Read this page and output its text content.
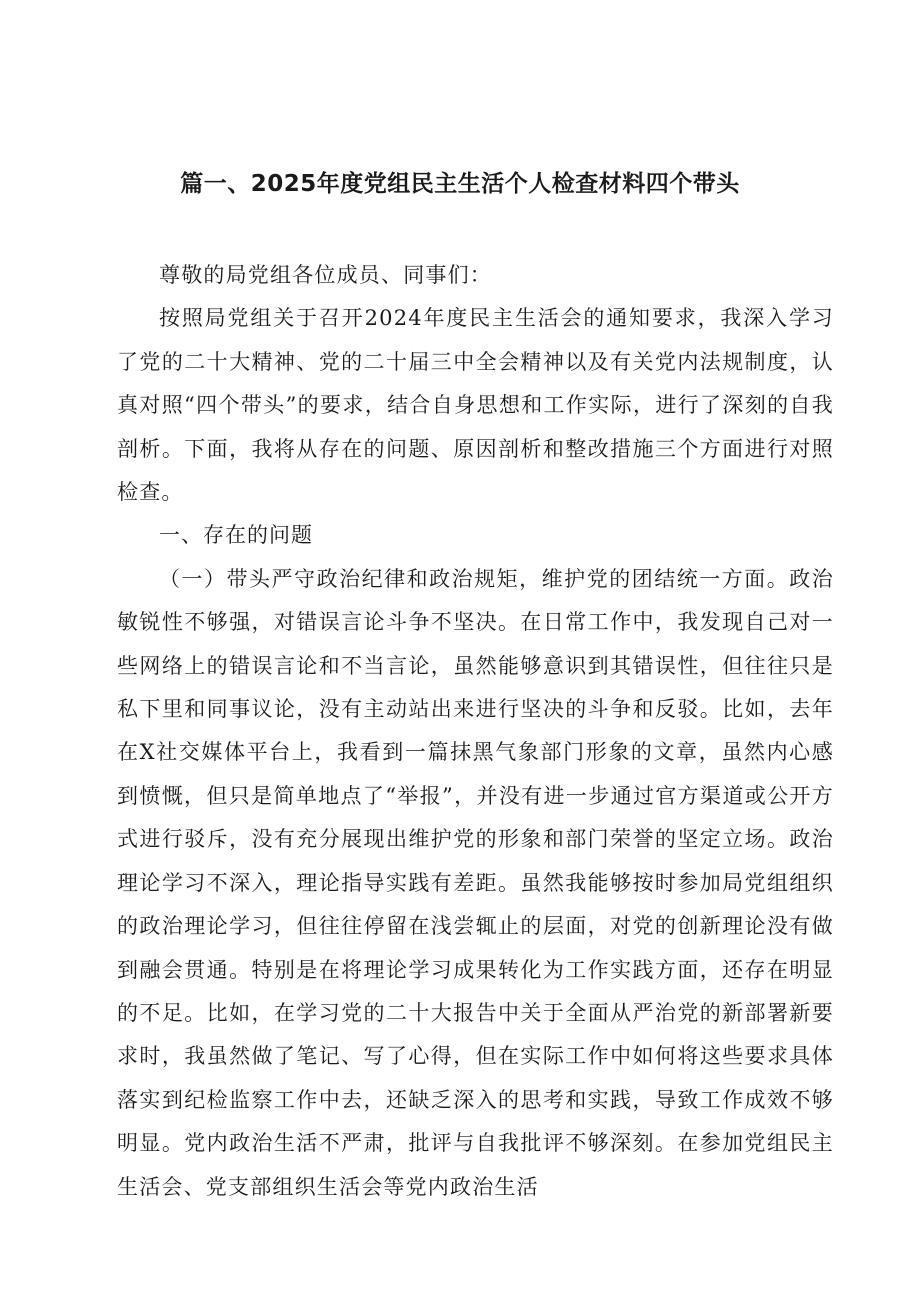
篇一、2025年度党组民主生活个人检查材料四个带头

尊敬的局党组各位成员、同事们：

按照局党组关于召开2024年度民主生活会的通知要求，我深入学习了党的二十大精神、党的二十届三中全会精神以及有关党内法规制度，认真对照“四个带头”的要求，结合自身思想和工作实际，进行了深刻的自我剖析。下面，我将从存在的问题、原因剖析和整改措施三个方面进行对照检查。

一、存在的问题

（一）带头严守政治纪律和政治规矩，维护党的团结统一方面。政治敏锐性不够强，对错误言论斗争不坚决。在日常工作中，我发现自己对一些网络上的错误言论和不当言论，虽然能够意识到其错误性，但往往只是私下里和同事议论，没有主动站出来进行坚决的斗争和反驳。比如，去年在X社交媒体平台上，我看到一篇抹黑气象部门形象的文章，虽然内心感到愤慨，但只是简单地点了“举报”，并没有进一步通过官方渠道或公开方式进行驳斥，没有充分展现出维护党的形象和部门荣誉的坚定立场。政治理论学习不深入，理论指导实践有差距。虽然我能够按时参加局党组组织的政治理论学习，但往往停留在浅尝辄止的层面，对党的创新理论没有做到融会贯通。特别是在将理论学习成果转化为工作实践方面，还存在明显的不足。比如，在学习党的二十大报告中关于全面从严治党的新部署新要求时，我虽然做了笔记、写了心得，但在实际工作中如何将这些要求具体落实到纪检监察工作中去，还缺乏深入的思考和实践，导致工作成效不够明显。党内政治生活不严肃，批评与自我批评不够深刻。在参加党组民主生活会、党支部组织生活会等党内政治生活
